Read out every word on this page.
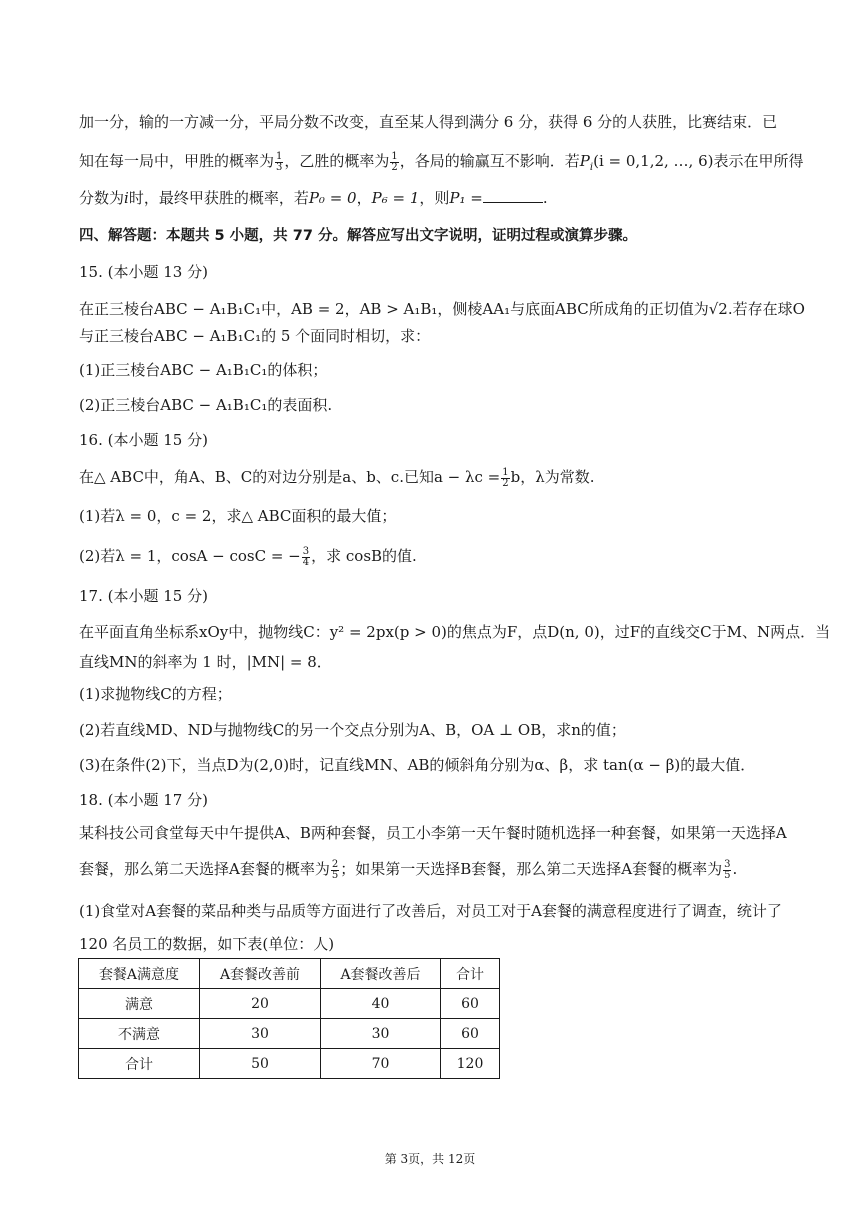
加一分，输的一方减一分，平局分数不改变，直至某人得到满分 6 分，获得 6 分的人获胜，比赛结束．已
知在每一局中，甲胜的概率为 $\frac{1}{3}$ ，乙胜的概率为 $\frac{1}{2}$ ，各局的输赢互不影响．若$P_i(i = 0,1,2$, …, 6)表示在甲所得
分数为i时，最终甲获胜的概率，若P₀ = 0，P₆ = 1，则P₁ =	.
四、解答题：本题共 5 小题，共 77 分。解答应写出文字说明，证明过程或演算步骤。
15. (本小题 13 分)
在正三棱台ABC − A₁B₁C₁中，AB = 2，AB > A₁B₁，侧棱AA₁与底面ABC所成角的正切值为√2.若存在球O
与正三棱台ABC − A₁B₁C₁的 5 个面同时相切，求：
(1)正三棱台ABC − A₁B₁C₁的体积；
(2)正三棱台ABC − A₁B₁C₁的表面积.
16. (本小题 15 分)
在△ ABC中，角A、B、C的对边分别是a、b、c.已知$a - \lambda c = \frac{1}{2}$ b，λ为常数.
(1)若λ = 0，c = 2，求△ ABC面积的最大值；
(2)若λ = 1，cosA − cosC = − $\frac{3}{4}$ ，求 cosB的值.
17. (本小题 15 分)
在平面直角坐标系xOy中，抛物线C：y² = 2px(p > 0)的焦点为F，点D(n, 0)，过F的直线交C于M、N两点．当
直线MN的斜率为 1 时，|MN| = 8．
(1)求抛物线C的方程；
(2)若直线MD、ND与抛物线C的另一个交点分别为A、B，OA ⊥ OB，求n的值；
(3)在条件(2)下，当点D为(2,0)时，记直线MN、AB的倾斜角分别为α、β，求 tan(α − β)的最大值．
18. (本小题 17 分)
某科技公司食堂每天中午提供A、B两种套餐，员工小李第一天午餐时随机选择一种套餐，如果第一天选择A
套餐，那么第二天选择A套餐的概率为 $\frac{2}{5}$ ；如果第一天选择B套餐，那么第二天选择A套餐的概率为 $\frac{3}{5}$ .
(1)食堂对A套餐的菜品种类与品质等方面进行了改善后，对员工对于A套餐的满意程度进行了调查，统计了
120 名员工的数据，如下表(单位：人)
套餐A满意度	A套餐改善前	A套餐改善后	合计
满意	20	40	60
不满意	30	30	60
合计	50	70	120
第 3页，共 12页
